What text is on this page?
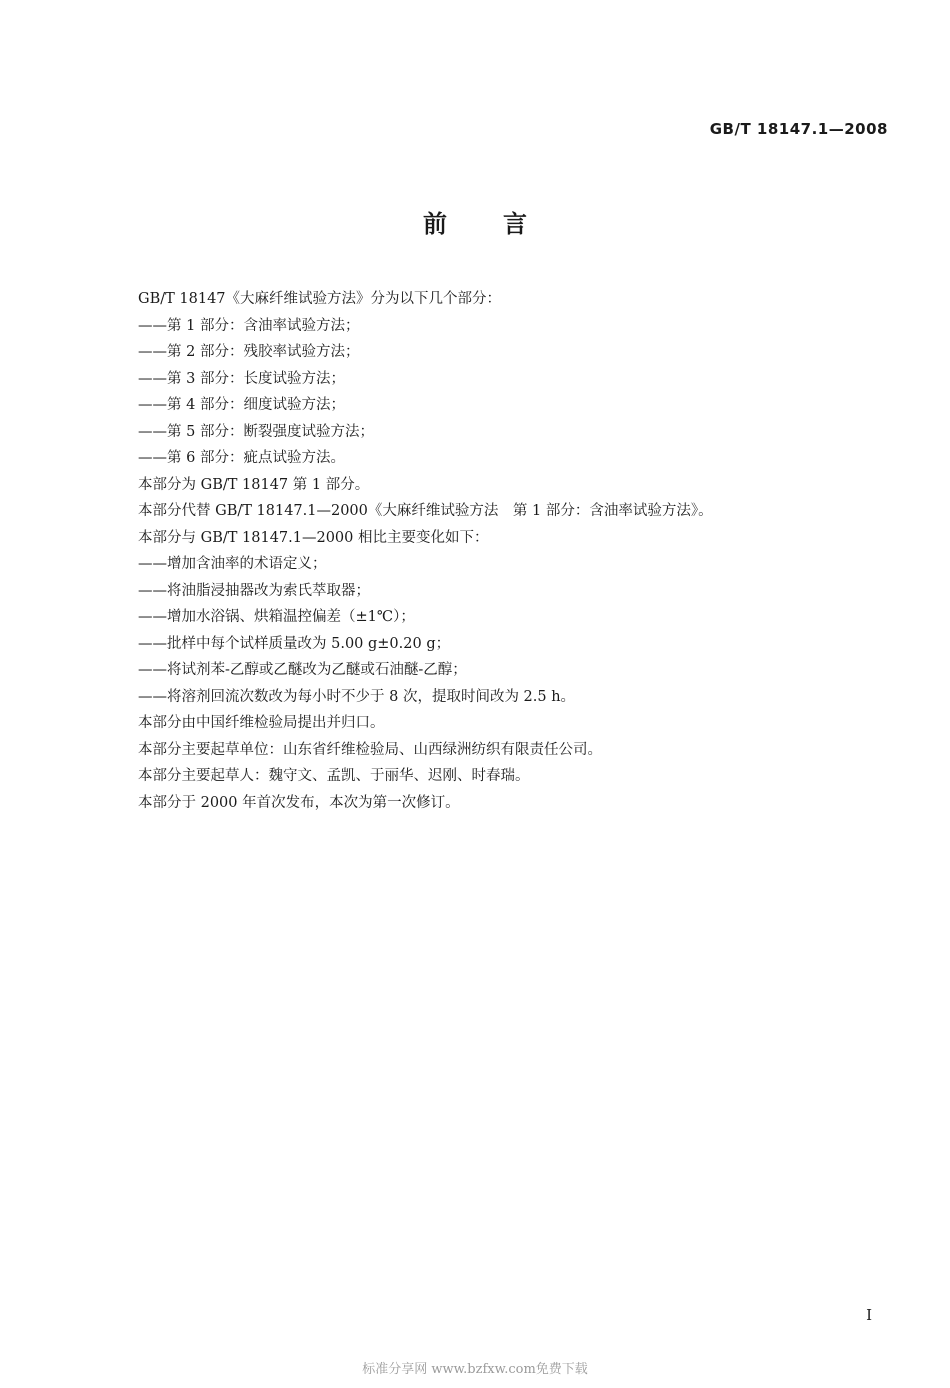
GB/T 18147.1—2008
前言
GB/T 18147《大麻纤维试验方法》分为以下几个部分：
——第 1 部分：含油率试验方法；
——第 2 部分：残胶率试验方法；
——第 3 部分：长度试验方法；
——第 4 部分：细度试验方法；
——第 5 部分：断裂强度试验方法；
——第 6 部分：疵点试验方法。
本部分为 GB/T 18147 第 1 部分。
本部分代替 GB/T 18147.1—2000《大麻纤维试验方法　第 1 部分：含油率试验方法》。
本部分与 GB/T 18147.1—2000 相比主要变化如下：
——增加含油率的术语定义；
——将油脂浸抽器改为索氏萃取器；
——增加水浴锅、烘箱温控偏差（±1℃）；
——批样中每个试样质量改为 5.00 g±0.20 g；
——将试剂苯-乙醇或乙醚改为乙醚或石油醚-乙醇；
——将溶剂回流次数改为每小时不少于 8 次，提取时间改为 2.5 h。
本部分由中国纤维检验局提出并归口。
本部分主要起草单位：山东省纤维检验局、山西绿洲纺织有限责任公司。
本部分主要起草人：魏守文、孟凯、于丽华、迟刚、时春瑞。
本部分于 2000 年首次发布，本次为第一次修订。
I
标准分享网 www.bzfxw.com免费下载
